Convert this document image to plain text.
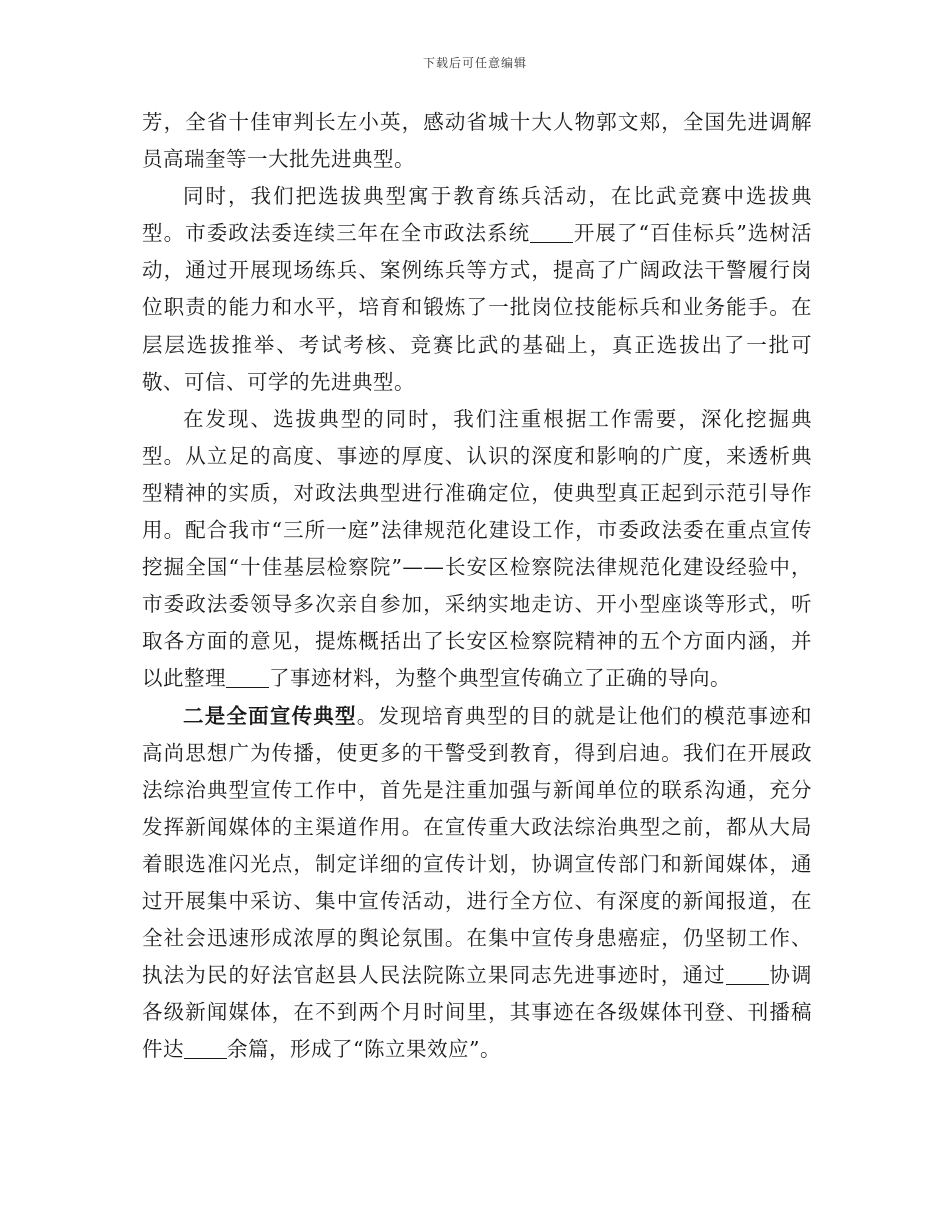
下载后可任意编辑

芳，全省十佳审判长左小英，感动省城十大人物郭文郏，全国先进调解员高瑞奎等一大批先进典型。

同时，我们把选拔典型寓于教育练兵活动，在比武竞赛中选拔典型。市委政法委连续三年在全市政法系统 开展了“百佳标兵”选树活动，通过开展现场练兵、案例练兵等方式，提高了广阔政法干警履行岗位职责的能力和水平，培育和锻炼了一批岗位技能标兵和业务能手。在层层选拔推举、考试考核、竞赛比武的基础上，真正选拔出了一批可敬、可信、可学的先进典型。

在发现、选拔典型的同时，我们注重根据工作需要，深化挖掘典型。从立足的高度、事迹的厚度、认识的深度和影响的广度，来透析典型精神的实质，对政法典型进行准确定位，使典型真正起到示范引导作用。配合我市“三所一庭”法律规范化建设工作，市委政法委在重点宣传挖掘全国“十佳基层检察院”——长安区检察院法律规范化建设经验中，市委政法委领导多次亲自参加，采纳实地走访、开小型座谈等形式，听取各方面的意见，提炼概括出了长安区检察院精神的五个方面内涵，并以此整理 了事迹材料，为整个典型宣传确立了正确的导向。

二是全面宣传典型。发现培育典型的目的就是让他们的模范事迹和高尚思想广为传播，使更多的干警受到教育，得到启迪。我们在开展政法综治典型宣传工作中，首先是注重加强与新闻单位的联系沟通，充分发挥新闻媒体的主渠道作用。在宣传重大政法综治典型之前，都从大局着眼选准闪光点，制定详细的宣传计划，协调宣传部门和新闻媒体，通过开展集中采访、集中宣传活动，进行全方位、有深度的新闻报道，在全社会迅速形成浓厚的舆论氛围。在集中宣传身患癌症，仍坚韧工作、执法为民的好法官赵县人民法院陈立果同志先进事迹时，通过 协调各级新闻媒体，在不到两个月时间里，其事迹在各级媒体刊登、刊播稿件达 余篇，形成了“陈立果效应”。
